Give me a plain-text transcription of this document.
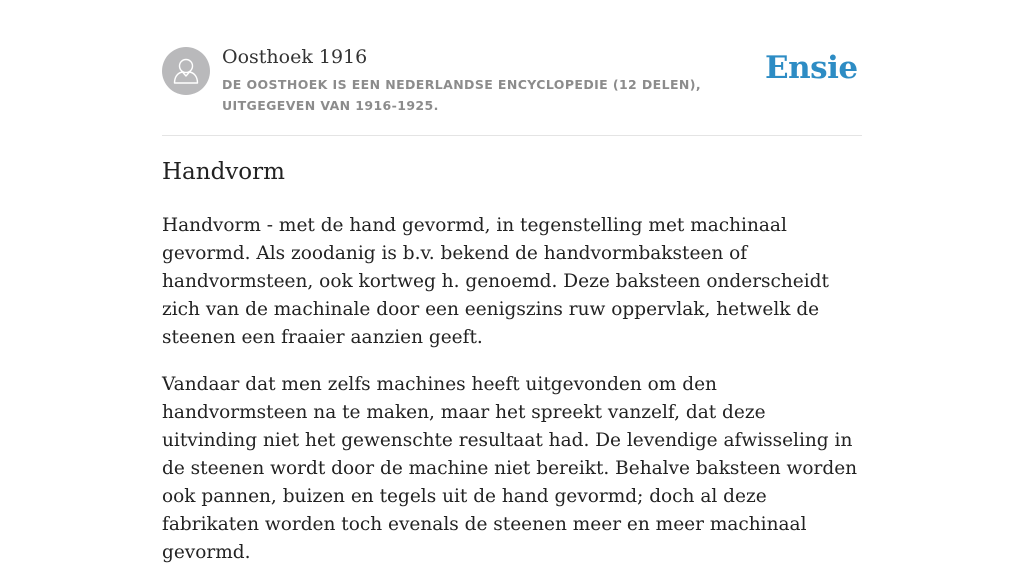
Oosthoek 1916
DE OOSTHOEK IS EEN NEDERLANDSE ENCYCLOPEDIE (12 DELEN), UITGEGEVEN VAN 1916-1925.
Ensie
Handvorm

Handvorm - met de hand gevormd, in tegenstelling met machinaal gevormd. Als zoodanig is b.v. bekend de handvormbaksteen of handvormsteen, ook kortweg h. genoemd. Deze baksteen onderscheidt zich van de machinale door een eenigszins ruw oppervlak, hetwelk de steenen een fraaier aanzien geeft.

Vandaar dat men zelfs machines heeft uitgevonden om den handvormsteen na te maken, maar het spreekt vanzelf, dat deze uitvinding niet het gewenschte resultaat had. De levendige afwisseling in de steenen wordt door de machine niet bereikt. Behalve baksteen worden ook pannen, buizen en tegels uit de hand gevormd; doch al deze fabrikaten worden toch evenals de steenen meer en meer machinaal gevormd.
